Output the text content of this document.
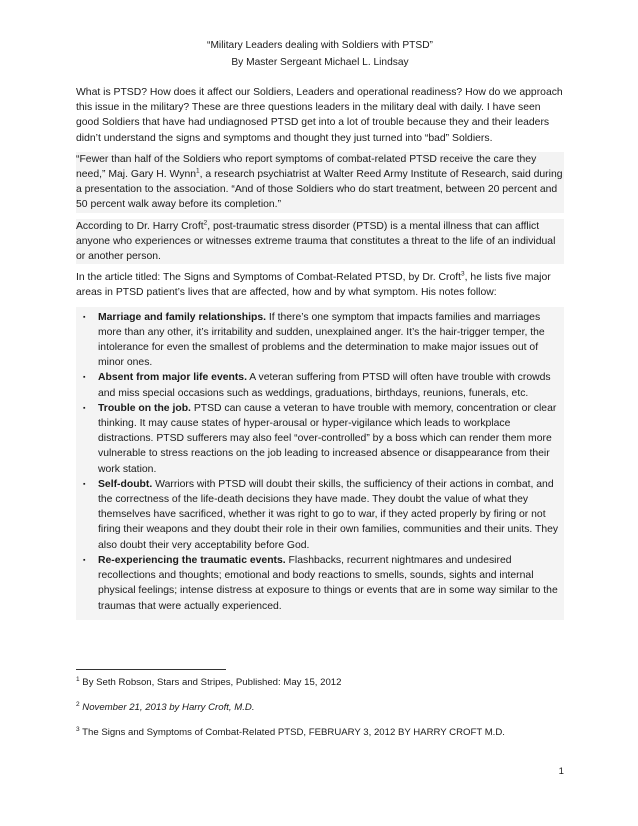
“Military Leaders dealing with Soldiers with PTSD”
By Master Sergeant Michael L. Lindsay

What is PTSD? How does it affect our Soldiers, Leaders and operational readiness? How do we approach this issue in the military? These are three questions leaders in the military deal with daily. I have seen good Soldiers that have had undiagnosed PTSD get into a lot of trouble because they and their leaders didn’t understand the signs and symptoms and thought they just turned into “bad” Soldiers.

“Fewer than half of the Soldiers who report symptoms of combat-related PTSD receive the care they need,” Maj. Gary H. Wynn$^1$, a research psychiatrist at Walter Reed Army Institute of Research, said during a presentation to the association. “And of those Soldiers who do start treatment, between 20 percent and 50 percent walk away before its completion.”

According to Dr. Harry Croft$^2$, post-traumatic stress disorder (PTSD) is a mental illness that can afflict anyone who experiences or witnesses extreme trauma that constitutes a threat to the life of an individual or another person.

In the article titled: The Signs and Symptoms of Combat-Related PTSD, by Dr. Croft$^3$, he lists five major areas in PTSD patient’s lives that are affected, how and by what symptom. His notes follow:

▪ Marriage and family relationships. If there’s one symptom that impacts families and marriages more than any other, it’s irritability and sudden, unexplained anger. It’s the hair-trigger temper, the intolerance for even the smallest of problems and the determination to make major issues out of minor ones.
▪ Absent from major life events. A veteran suffering from PTSD will often have trouble with crowds and miss special occasions such as weddings, graduations, birthdays, reunions, funerals, etc.
▪ Trouble on the job. PTSD can cause a veteran to have trouble with memory, concentration or clear thinking. It may cause states of hyper-arousal or hyper-vigilance which leads to workplace distractions. PTSD sufferers may also feel “over-controlled” by a boss which can render them more vulnerable to stress reactions on the job leading to increased absence or disappearance from their work station.
▪ Self-doubt. Warriors with PTSD will doubt their skills, the sufficiency of their actions in combat, and the correctness of the life-death decisions they have made. They doubt the value of what they themselves have sacrificed, whether it was right to go to war, if they acted properly by firing or not firing their weapons and they doubt their role in their own families, communities and their units. They also doubt their very acceptability before God.
▪ Re-experiencing the traumatic events. Flashbacks, recurrent nightmares and undesired recollections and thoughts; emotional and body reactions to smells, sounds, sights and internal physical feelings; intense distress at exposure to things or events that are in some way similar to the traumas that were actually experienced.
$^1$ By Seth Robson, Stars and Stripes, Published: May 15, 2012
$^2$ November 21, 2013 by Harry Croft, M.D.
$^3$ The Signs and Symptoms of Combat-Related PTSD, FEBRUARY 3, 2012 BY HARRY CROFT M.D.
1
